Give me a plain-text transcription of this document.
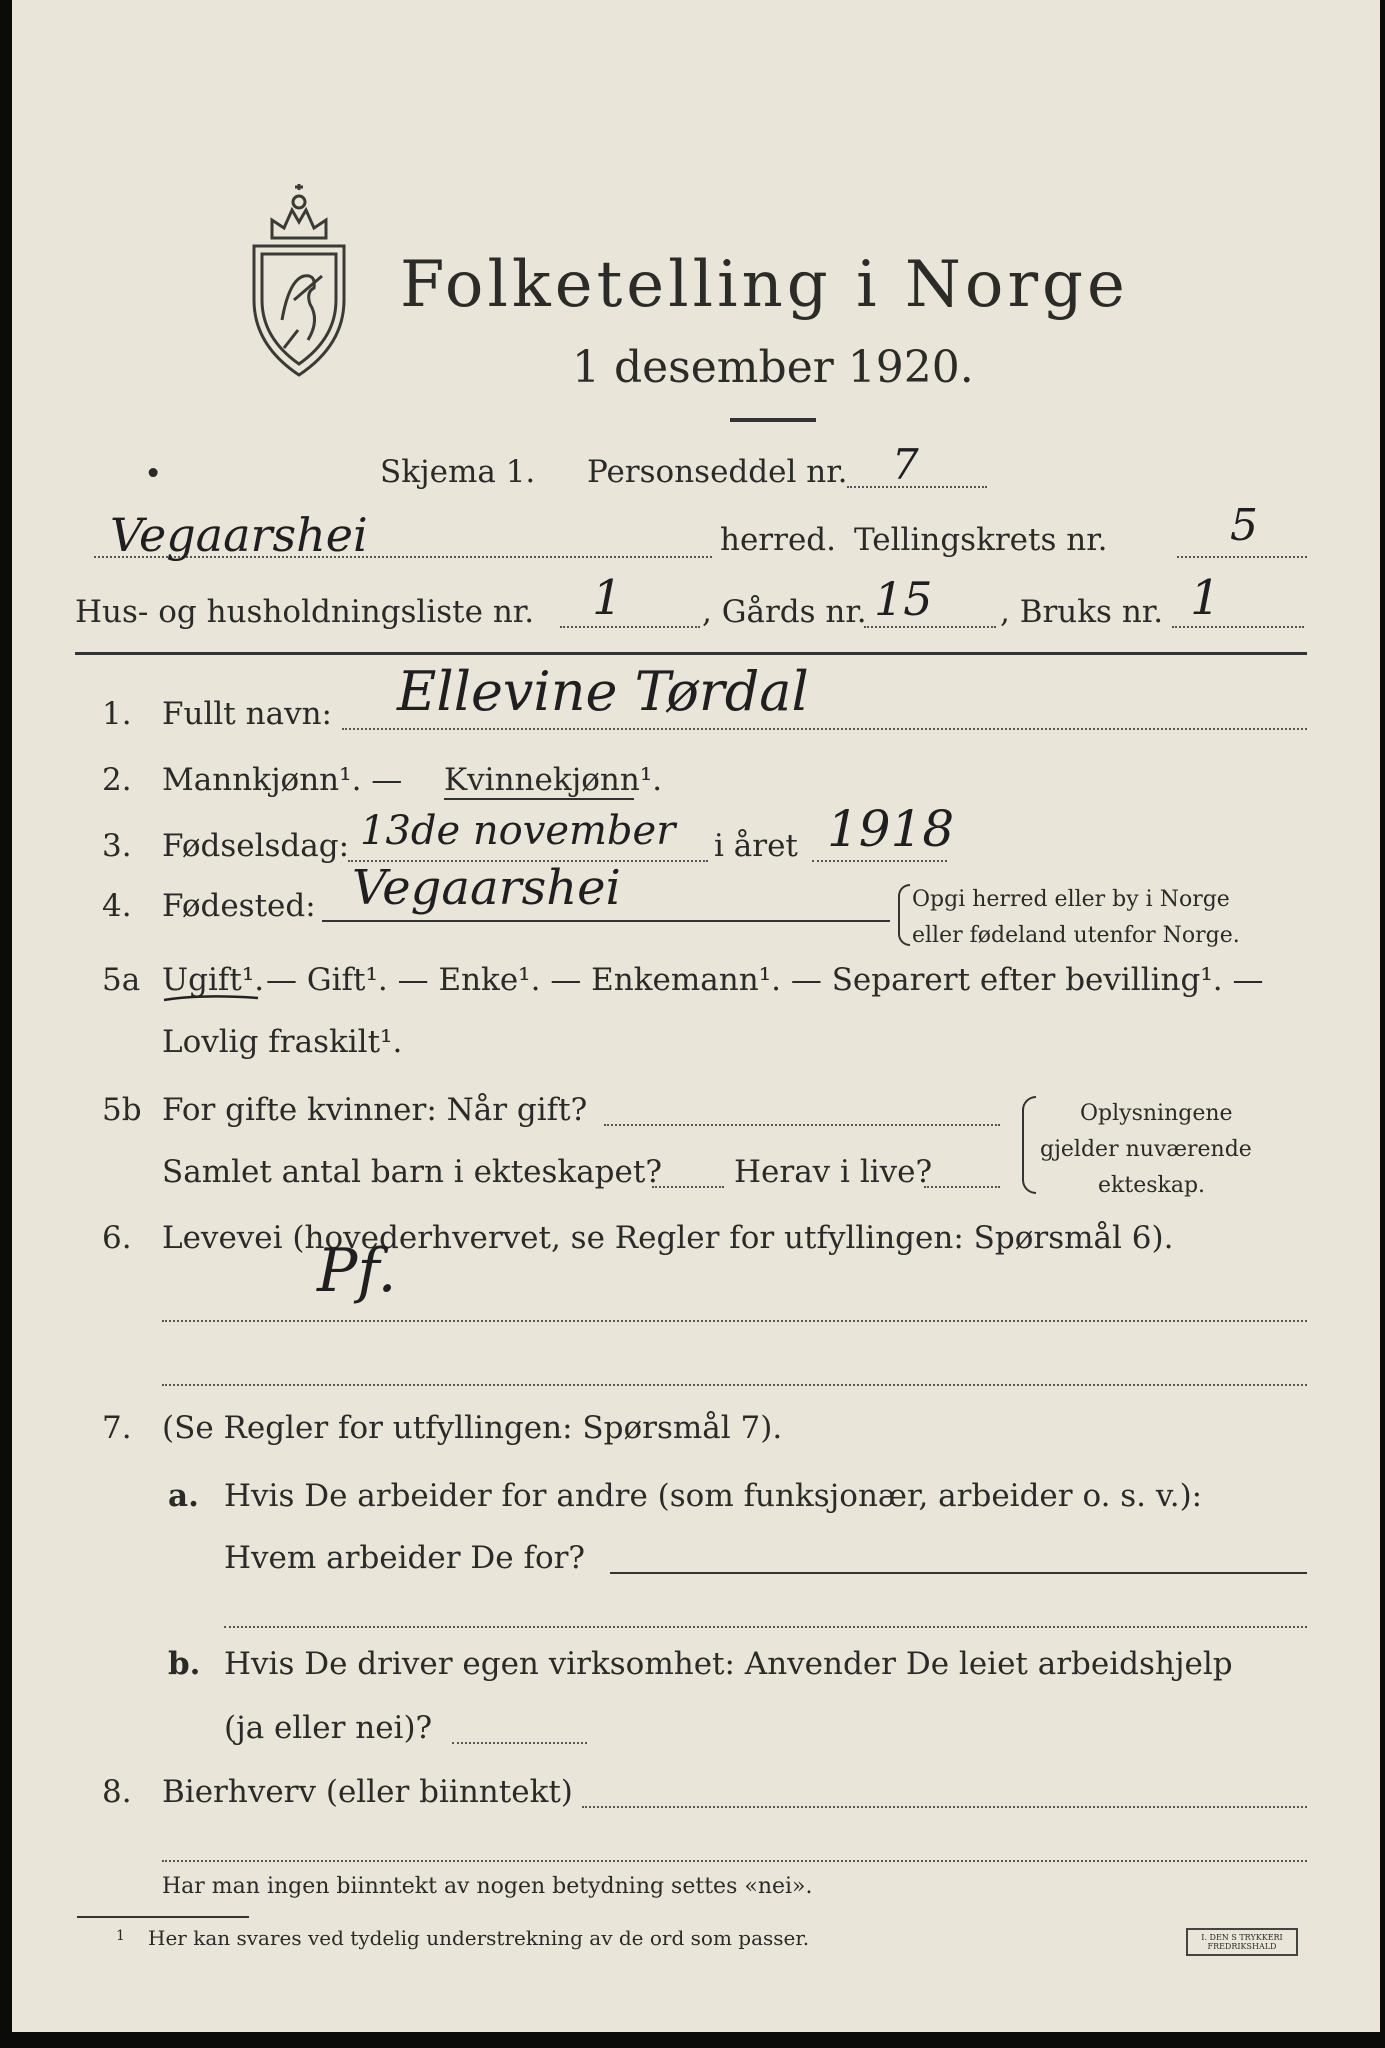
Folketelling i Norge
1 desember 1920.
•	Skjema 1. Personseddel nr. 7
Vegaarshei	herred. Tellingskrets nr.	5
Hus- og husholdningsliste nr. 1	, Gårds nr. 15 , Bruks nr. 1
1. Fullt navn: Ellevine Tørdal
2. Mannkjønn¹. — Kvinnekjønn¹.
3. Fødselsdag: 13de november i året 1918
4. Fødested: Vegaarshei	Opgi herred eller by i Norge
eller fødeland utenfor Norge.
5a Ugift¹. — Gift¹. — Enke¹. — Enkemann¹. — Separert efter bevilling¹. —
Lovlig fraskilt¹.
5b For gifte kvinner: Når gift?
Samlet antal barn i ekteskapet? Herav i live?
Oplysningene
gjelder nuværende
ekteskap.
6. Levevei (hovederhvervet, se Regler for utfyllingen: Spørsmål 6).
Pf.
7. (Se Regler for utfyllingen: Spørsmål 7).
a. Hvis De arbeider for andre (som funksjonær, arbeider o. s. v.):
Hvem arbeider De for?
b. Hvis De driver egen virksomhet: Anvender De leiet arbeidshjelp
(ja eller nei)?
8. Bierhverv (eller biinntekt)
Har man ingen biinntekt av nogen betydning settes «nei».
1 Her kan svares ved tydelig understrekning av de ord som passer.	I. DEN S TRYKKERI
FREDRIKSHALD
